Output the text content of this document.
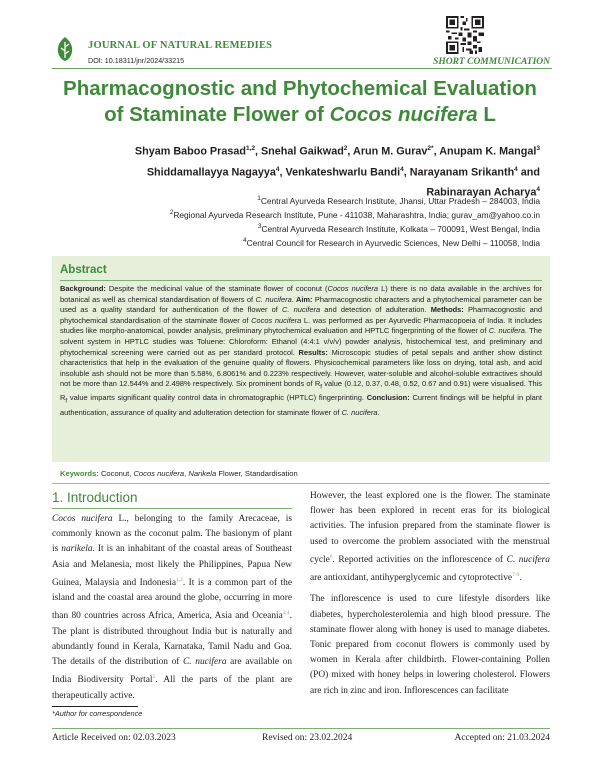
JOURNAL OF NATURAL REMEDIES
DOI: 10.18311/jnr/2024/33215	SHORT COMMUNICATION
Pharmacognostic and Phytochemical Evaluation
of Staminate Flower of Cocos nucifera L
Shyam Baboo Prasad$^{1,2}$, Snehal Gaikwad$^2$, Arun M. Gurav$^{2*}$, Anupam K. Mangal$^3$
Shiddamallayya Nagayya$^4$, Venkateshwarlu Bandi$^4$, Narayanam Srikanth$^4$ and
Rabinarayan Acharya$^4$
$^1$Central Ayurveda Research Institute, Jhansi, Uttar Pradesh – 284003, India
$^2$Regional Ayurveda Research Institute, Pune - 411038, Maharashtra, India; gurav_am@yahoo.co.in
$^3$Central Ayurveda Research Institute, Kolkata – 700091, West Bengal, India
$^4$Central Council for Research in Ayurvedic Sciences, New Delhi – 110058, India
Abstract
Background: Despite the medicinal value of the staminate flower of coconut (Cocos nucifera L) there is no data available in the archives for botanical as well as chemical standardisation of flowers of C. nucifera. Aim: Pharmacognostic characters and a phytochemical parameter can be used as a quality standard for authentication of the flower of C. nucifera and detection of adulteration. Methods: Pharmacognostic and phytochemical standardisation of the staminate flower of Cocos nucifera L. was performed as per Ayurvedic Pharmacopoeia of India. It includes studies like morpho-anatomical, powder analysis, preliminary phytochemical evaluation and HPTLC fingerprinting of the flower of C. nucifera. The solvent system in HPTLC studies was Toluene: Chloroform: Ethanol (4:4:1 v/v/v) powder analysis, histochemical test, and preliminary and phytochemical screening were carried out as per standard protocol. Results: Microscopic studies of petal sepals and anther show distinct characteristics that help in the evaluation of the genuine quality of flowers. Physicochemical parameters like loss on drying, total ash, and acid insoluble ash should not be more than 5.58%, 6.8061% and 0.223% respectively. However, water-soluble and alcohol-soluble extractives should not be more than 12.544% and 2.498% respectively. Six prominent bonds of $R_f$ value (0.12, 0.37, 0.48, 0.52, 0.67 and 0.91) were visualised. This $R_f$ value imparts significant quality control data in chromatographic (HPTLC) fingerprinting. Conclusion: Current findings will be helpful in plant authentication, assurance of quality and adulteration detection for staminate flower of C. nucifera.
Keywords: Coconut, Cocos nucifera, Narikela Flower, Standardisation
1. Introduction

Cocos nucifera L., belonging to the family Arecaceae, is commonly known as the coconut palm. The basionym of plant is narikela. It is an inhabitant of the coastal areas of Southeast Asia and Melanesia, most likely the Philippines, Papua New Guinea, Malaysia and Indonesia$^{1,2}$. It is a common part of the island and the coastal area around the globe, occurring in more than 80 countries across Africa, America, Asia and Oceania$^{3,4}$. The plant is distributed throughout India but is naturally and abundantly found in Kerala, Karnataka, Tamil Nadu and Goa. The details of the distribution of C. nucifera are available on India Biodiversity Portal$^5$. All the parts of the plant are therapeutically active.

However, the least explored one is the flower. The staminate flower has been explored in recent eras for its biological activities. The infusion prepared from the staminate flower is used to overcome the problem associated with the menstrual cycle$^6$. Reported activities on the inflorescence of C. nucifera are antioxidant, antihyperglycemic and cytoprotective$^{7-9}$.

The inflorescence is used to cure lifestyle disorders like diabetes, hypercholesterolemia and high blood pressure. The staminate flower along with honey is used to manage diabetes. Tonic prepared from coconut flowers is commonly used by women in Kerala after childbirth. Flower-containing Pollen (PO) mixed with honey helps in lowering cholesterol. Flowers are rich in zinc and iron. Inflorescences can facilitate

*Author for correspondence
Article Received on: 02.03.2023	Revised on: 23.02.2024	Accepted on: 21.03.2024
